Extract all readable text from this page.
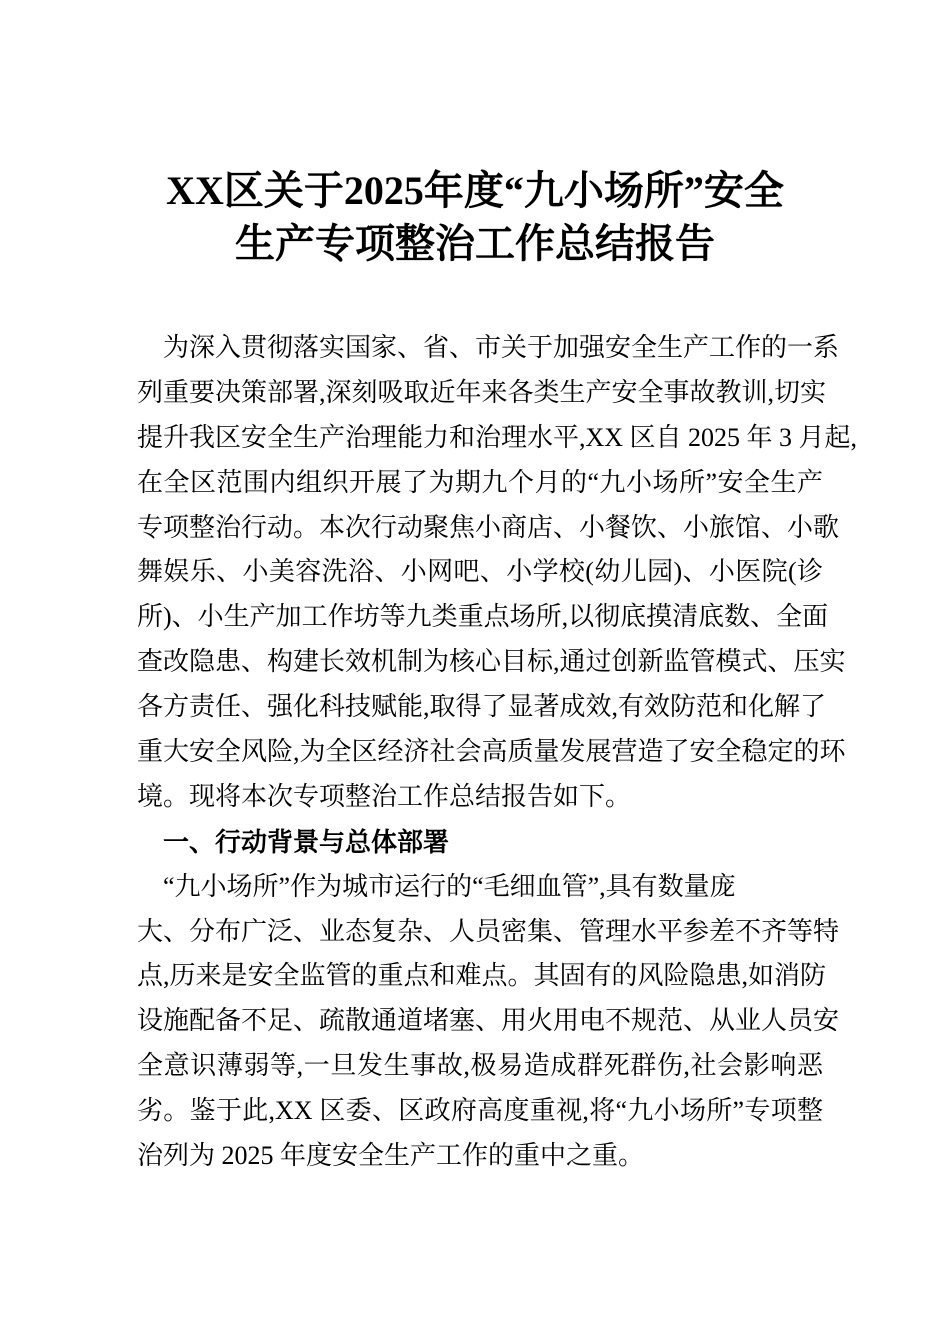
XX区关于2025年度“九小场所”安全
生产专项整治工作总结报告
为深入贯彻落实国家、省、市关于加强安全生产工作的一系
列重要决策部署,深刻吸取近年来各类生产安全事故教训,切实
提升我区安全生产治理能力和治理水平,XX 区自 2025 年 3 月起,
在全区范围内组织开展了为期九个月的“九小场所”安全生产
专项整治行动。本次行动聚焦小商店、小餐饮、小旅馆、小歌
舞娱乐、小美容洗浴、小网吧、小学校(幼儿园)、小医院(诊
所)、小生产加工作坊等九类重点场所,以彻底摸清底数、全面
查改隐患、构建长效机制为核心目标,通过创新监管模式、压实
各方责任、强化科技赋能,取得了显著成效,有效防范和化解了
重大安全风险,为全区经济社会高质量发展营造了安全稳定的环
境。现将本次专项整治工作总结报告如下。
一、行动背景与总体部署
“九小场所”作为城市运行的“毛细血管”,具有数量庞
大、分布广泛、业态复杂、人员密集、管理水平参差不齐等特
点,历来是安全监管的重点和难点。其固有的风险隐患,如消防
设施配备不足、疏散通道堵塞、用火用电不规范、从业人员安
全意识薄弱等,一旦发生事故,极易造成群死群伤,社会影响恶
劣。鉴于此,XX 区委、区政府高度重视,将“九小场所”专项整
治列为 2025 年度安全生产工作的重中之重。
